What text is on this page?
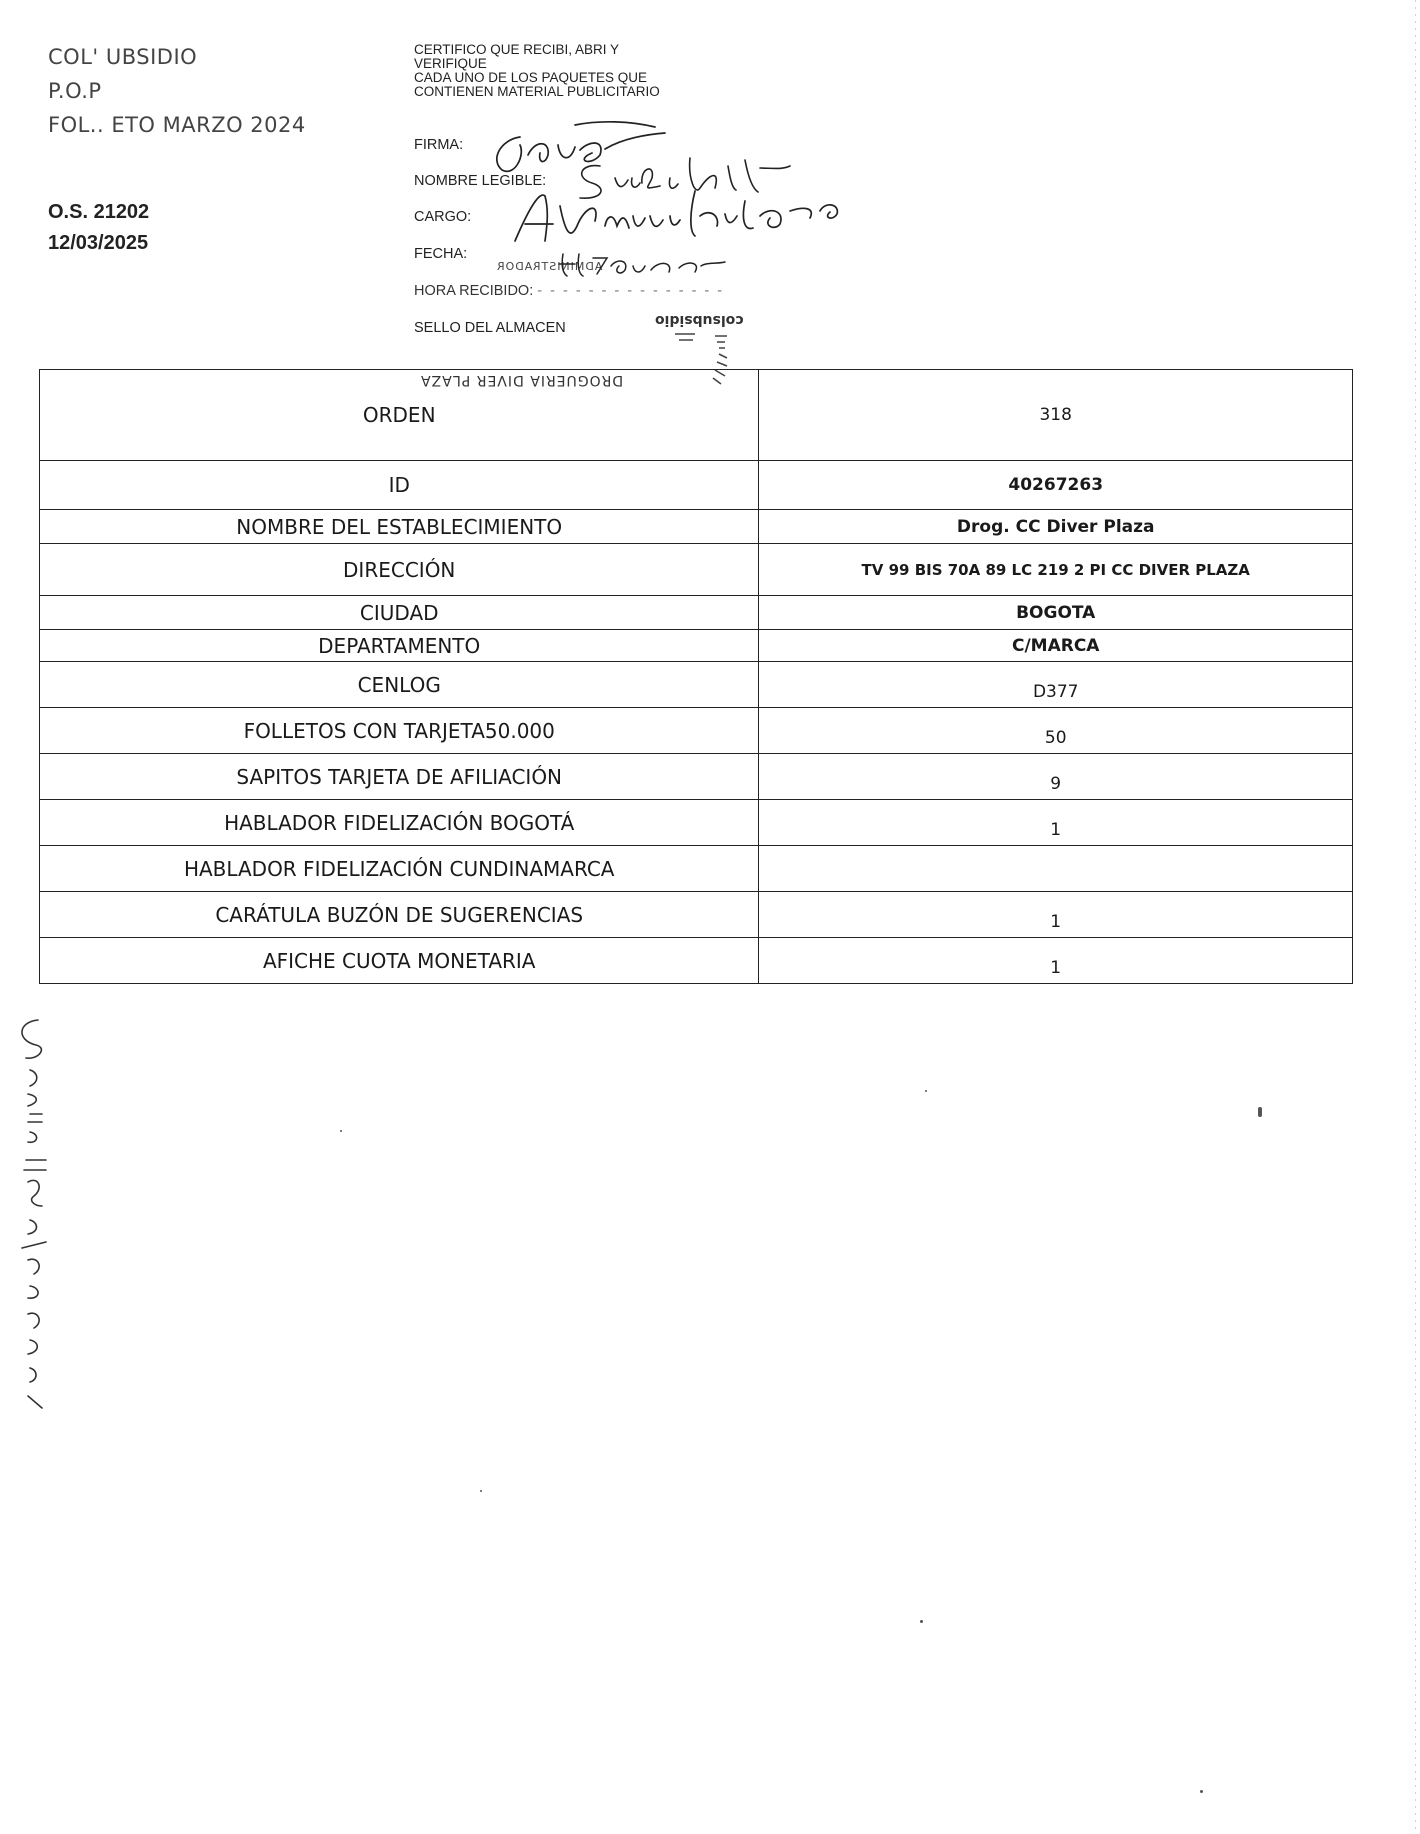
COL' UBSIDIO
P.O.P
FOL.. ETO MARZO 2024
O.S. 21202
12/03/2025
CERTIFICO QUE RECIBI, ABRI Y
VERIFIQUE
CADA UNO DE LOS PAQUETES QUE
CONTIENEN MATERIAL PUBLICITARIO
FIRMA:
NOMBRE LEGIBLE:
CARGO:
FECHA:
HORA RECIBIDO: - - - - - - - - - - - - - - -
SELLO DEL ALMACEN
ADMINISTRADOR
colsubsidio
DROGUERIA DIVER PLAZA
ORDEN	318
ID	40267263
NOMBRE DEL ESTABLECIMIENTO	Drog. CC Diver Plaza
DIRECCIÓN	TV 99 BIS 70A 89 LC 219 2 PI CC DIVER PLAZA
CIUDAD	BOGOTA
DEPARTAMENTO	C/MARCA
CENLOG	D377
FOLLETOS CON TARJETA50.000	50
SAPITOS TARJETA DE AFILIACIÓN	9
HABLADOR FIDELIZACIÓN BOGOTÁ	1
HABLADOR FIDELIZACIÓN CUNDINAMARCA	
CARÁTULA BUZÓN DE SUGERENCIAS	1
AFICHE CUOTA MONETARIA	1
